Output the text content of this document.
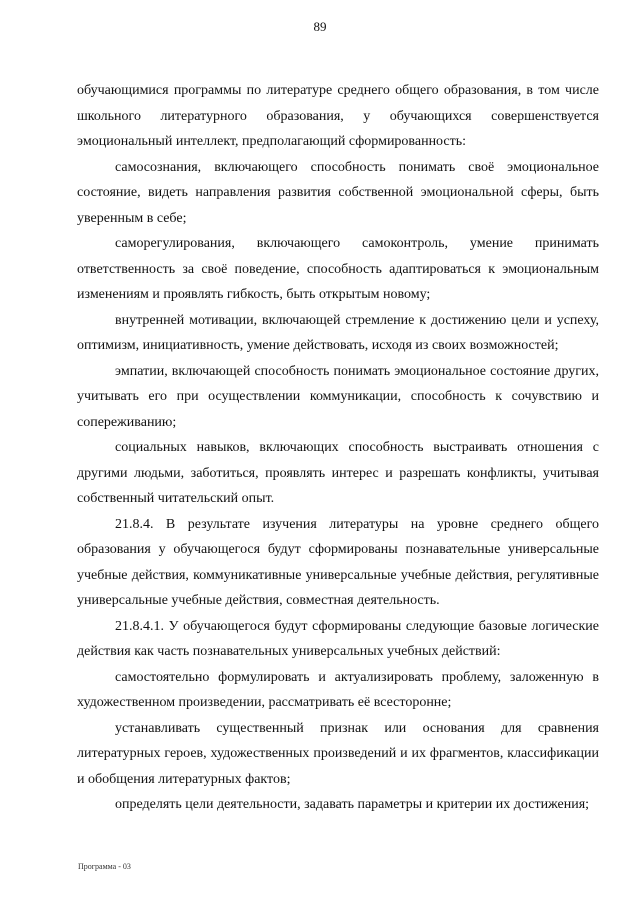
89

обучающимися программы по литературе среднего общего образования, в том числе школьного литературного образования, у обучающихся совершенствуется эмоциональный интеллект, предполагающий сформированность:

самосознания, включающего способность понимать своё эмоциональное состояние, видеть направления развития собственной эмоциональной сферы, быть уверенным в себе;

саморегулирования, включающего самоконтроль, умение принимать ответственность за своё поведение, способность адаптироваться к эмоциональным изменениям и проявлять гибкость, быть открытым новому;

внутренней мотивации, включающей стремление к достижению цели и успеху, оптимизм, инициативность, умение действовать, исходя из своих возможностей;

эмпатии, включающей способность понимать эмоциональное состояние других, учитывать его при осуществлении коммуникации, способность к сочувствию и сопереживанию;

социальных навыков, включающих способность выстраивать отношения с другими людьми, заботиться, проявлять интерес и разрешать конфликты, учитывая собственный читательский опыт.

21.8.4. В результате изучения литературы на уровне среднего общего образования у обучающегося будут сформированы познавательные универсальные учебные действия, коммуникативные универсальные учебные действия, регулятивные универсальные учебные действия, совместная деятельность.

21.8.4.1. У обучающегося будут сформированы следующие базовые логические действия как часть познавательных универсальных учебных действий:

самостоятельно формулировать и актуализировать проблему, заложенную в художественном произведении, рассматривать её всесторонне;

устанавливать существенный признак или основания для сравнения литературных героев, художественных произведений и их фрагментов, классификации и обобщения литературных фактов;

определять цели деятельности, задавать параметры и критерии их достижения;

Программа - 03
